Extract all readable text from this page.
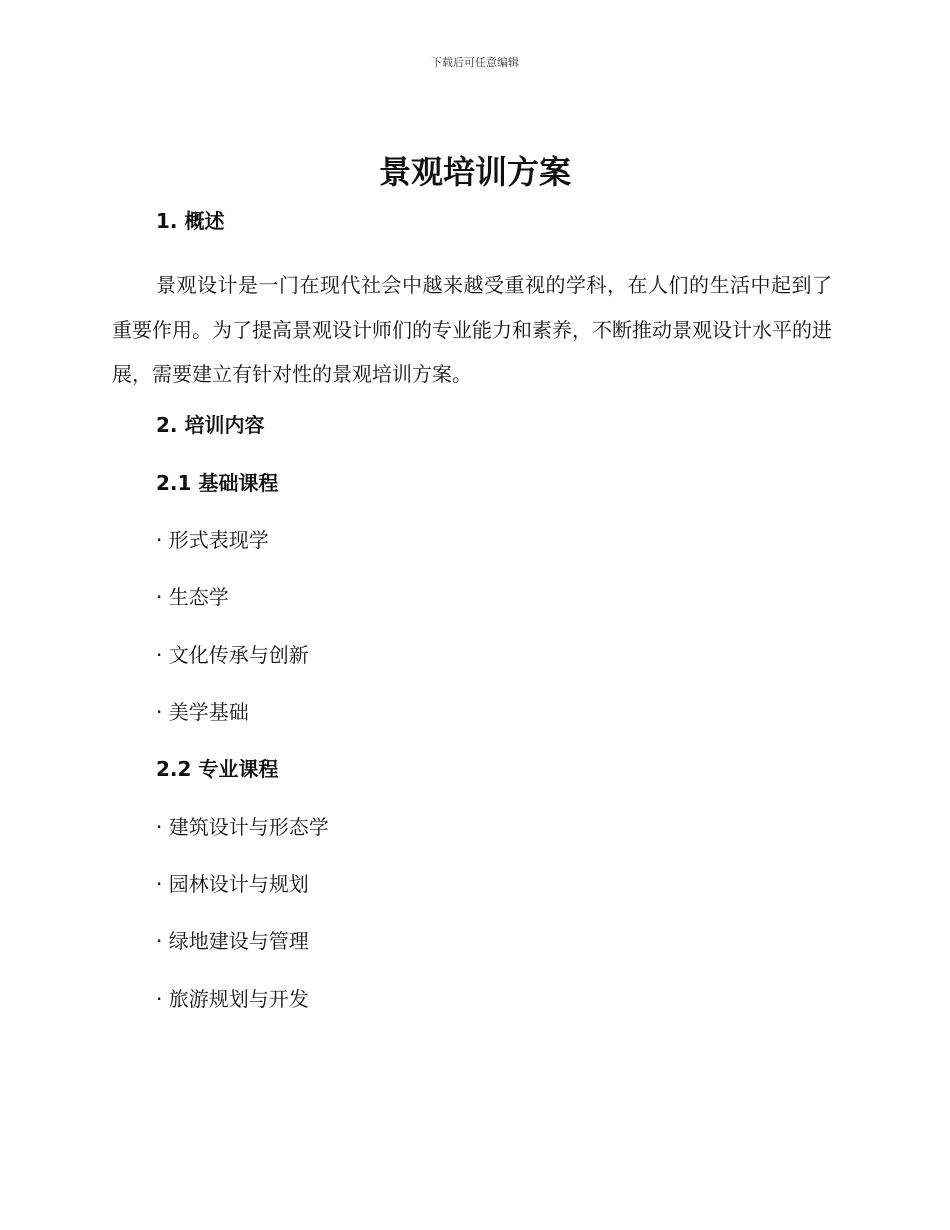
下载后可任意编辑
景观培训方案
1. 概述

景观设计是一门在现代社会中越来越受重视的学科，在人们的生活中起到了重要作用。为了提高景观设计师们的专业能力和素养，不断推动景观设计水平的进展，需要建立有针对性的景观培训方案。

2. 培训内容
2.1 基础课程
· 形式表现学
· 生态学
· 文化传承与创新
· 美学基础
2.2 专业课程
· 建筑设计与形态学
· 园林设计与规划
· 绿地建设与管理
· 旅游规划与开发
